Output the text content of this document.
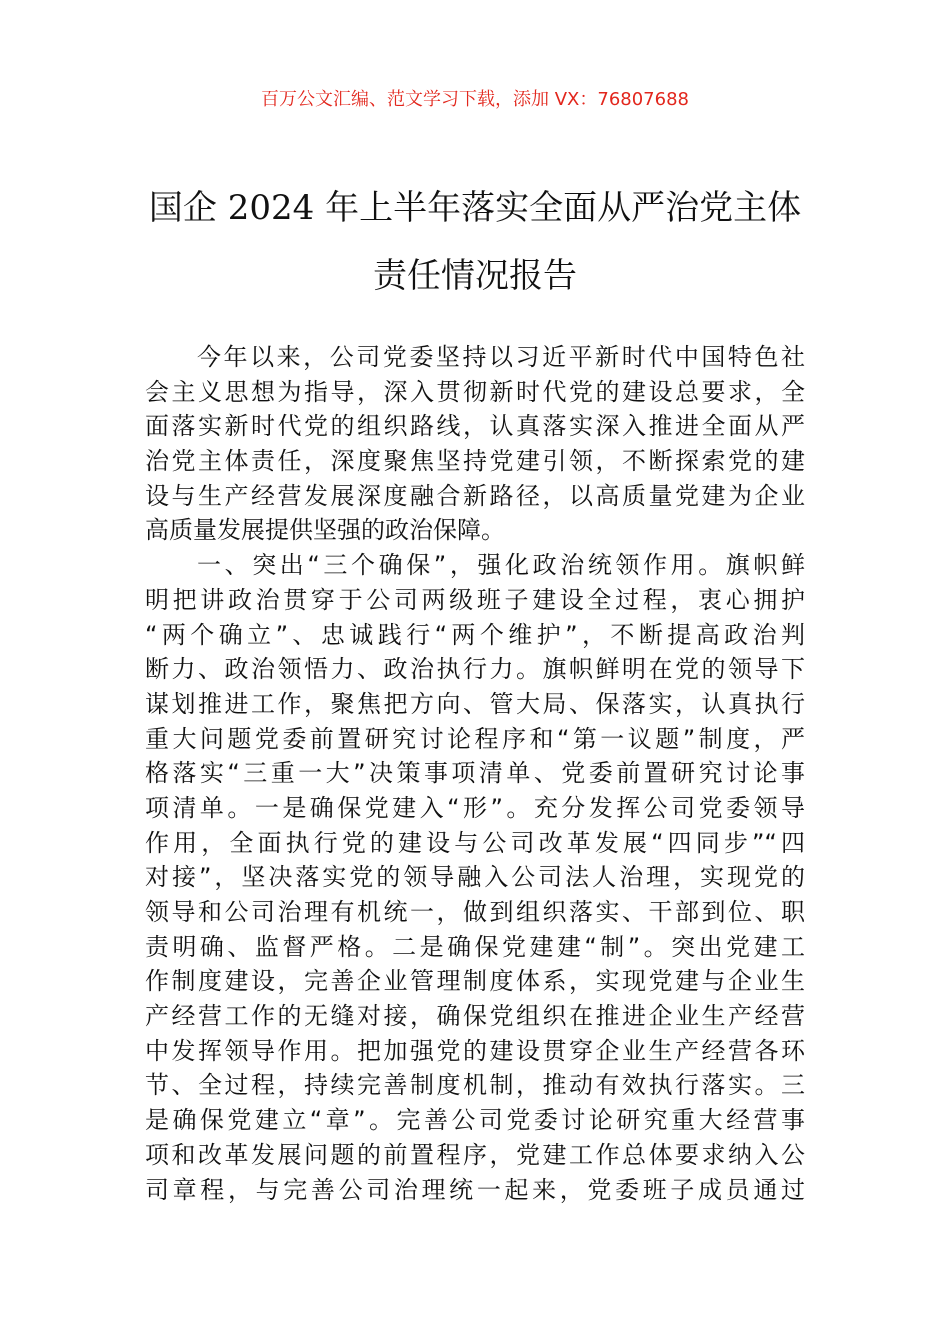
百万公文汇编、范文学习下载，添加 VX：76807688
国企 2024 年上半年落实全面从严治党主体
责任情况报告
今年以来，公司党委坚持以习近平新时代中国特色社
会主义思想为指导，深入贯彻新时代党的建设总要求，全
面落实新时代党的组织路线，认真落实深入推进全面从严
治党主体责任，深度聚焦坚持党建引领，不断探索党的建
设与生产经营发展深度融合新路径，以高质量党建为企业
高质量发展提供坚强的政治保障。
一、突出“三个确保”，强化政治统领作用。旗帜鲜
明把讲政治贯穿于公司两级班子建设全过程，衷心拥护
“两个确立”、忠诚践行“两个维护”，不断提高政治判
断力、政治领悟力、政治执行力。旗帜鲜明在党的领导下
谋划推进工作，聚焦把方向、管大局、保落实，认真执行
重大问题党委前置研究讨论程序和“第一议题”制度，严
格落实“三重一大”决策事项清单、党委前置研究讨论事
项清单。一是确保党建入“形”。充分发挥公司党委领导
作用，全面执行党的建设与公司改革发展“四同步”“四
对接”，坚决落实党的领导融入公司法人治理，实现党的
领导和公司治理有机统一，做到组织落实、干部到位、职
责明确、监督严格。二是确保党建建“制”。突出党建工
作制度建设，完善企业管理制度体系，实现党建与企业生
产经营工作的无缝对接，确保党组织在推进企业生产经营
中发挥领导作用。把加强党的建设贯穿企业生产经营各环
节、全过程，持续完善制度机制，推动有效执行落实。三
是确保党建立“章”。完善公司党委讨论研究重大经营事
项和改革发展问题的前置程序，党建工作总体要求纳入公
司章程，与完善公司治理统一起来，党委班子成员通过
